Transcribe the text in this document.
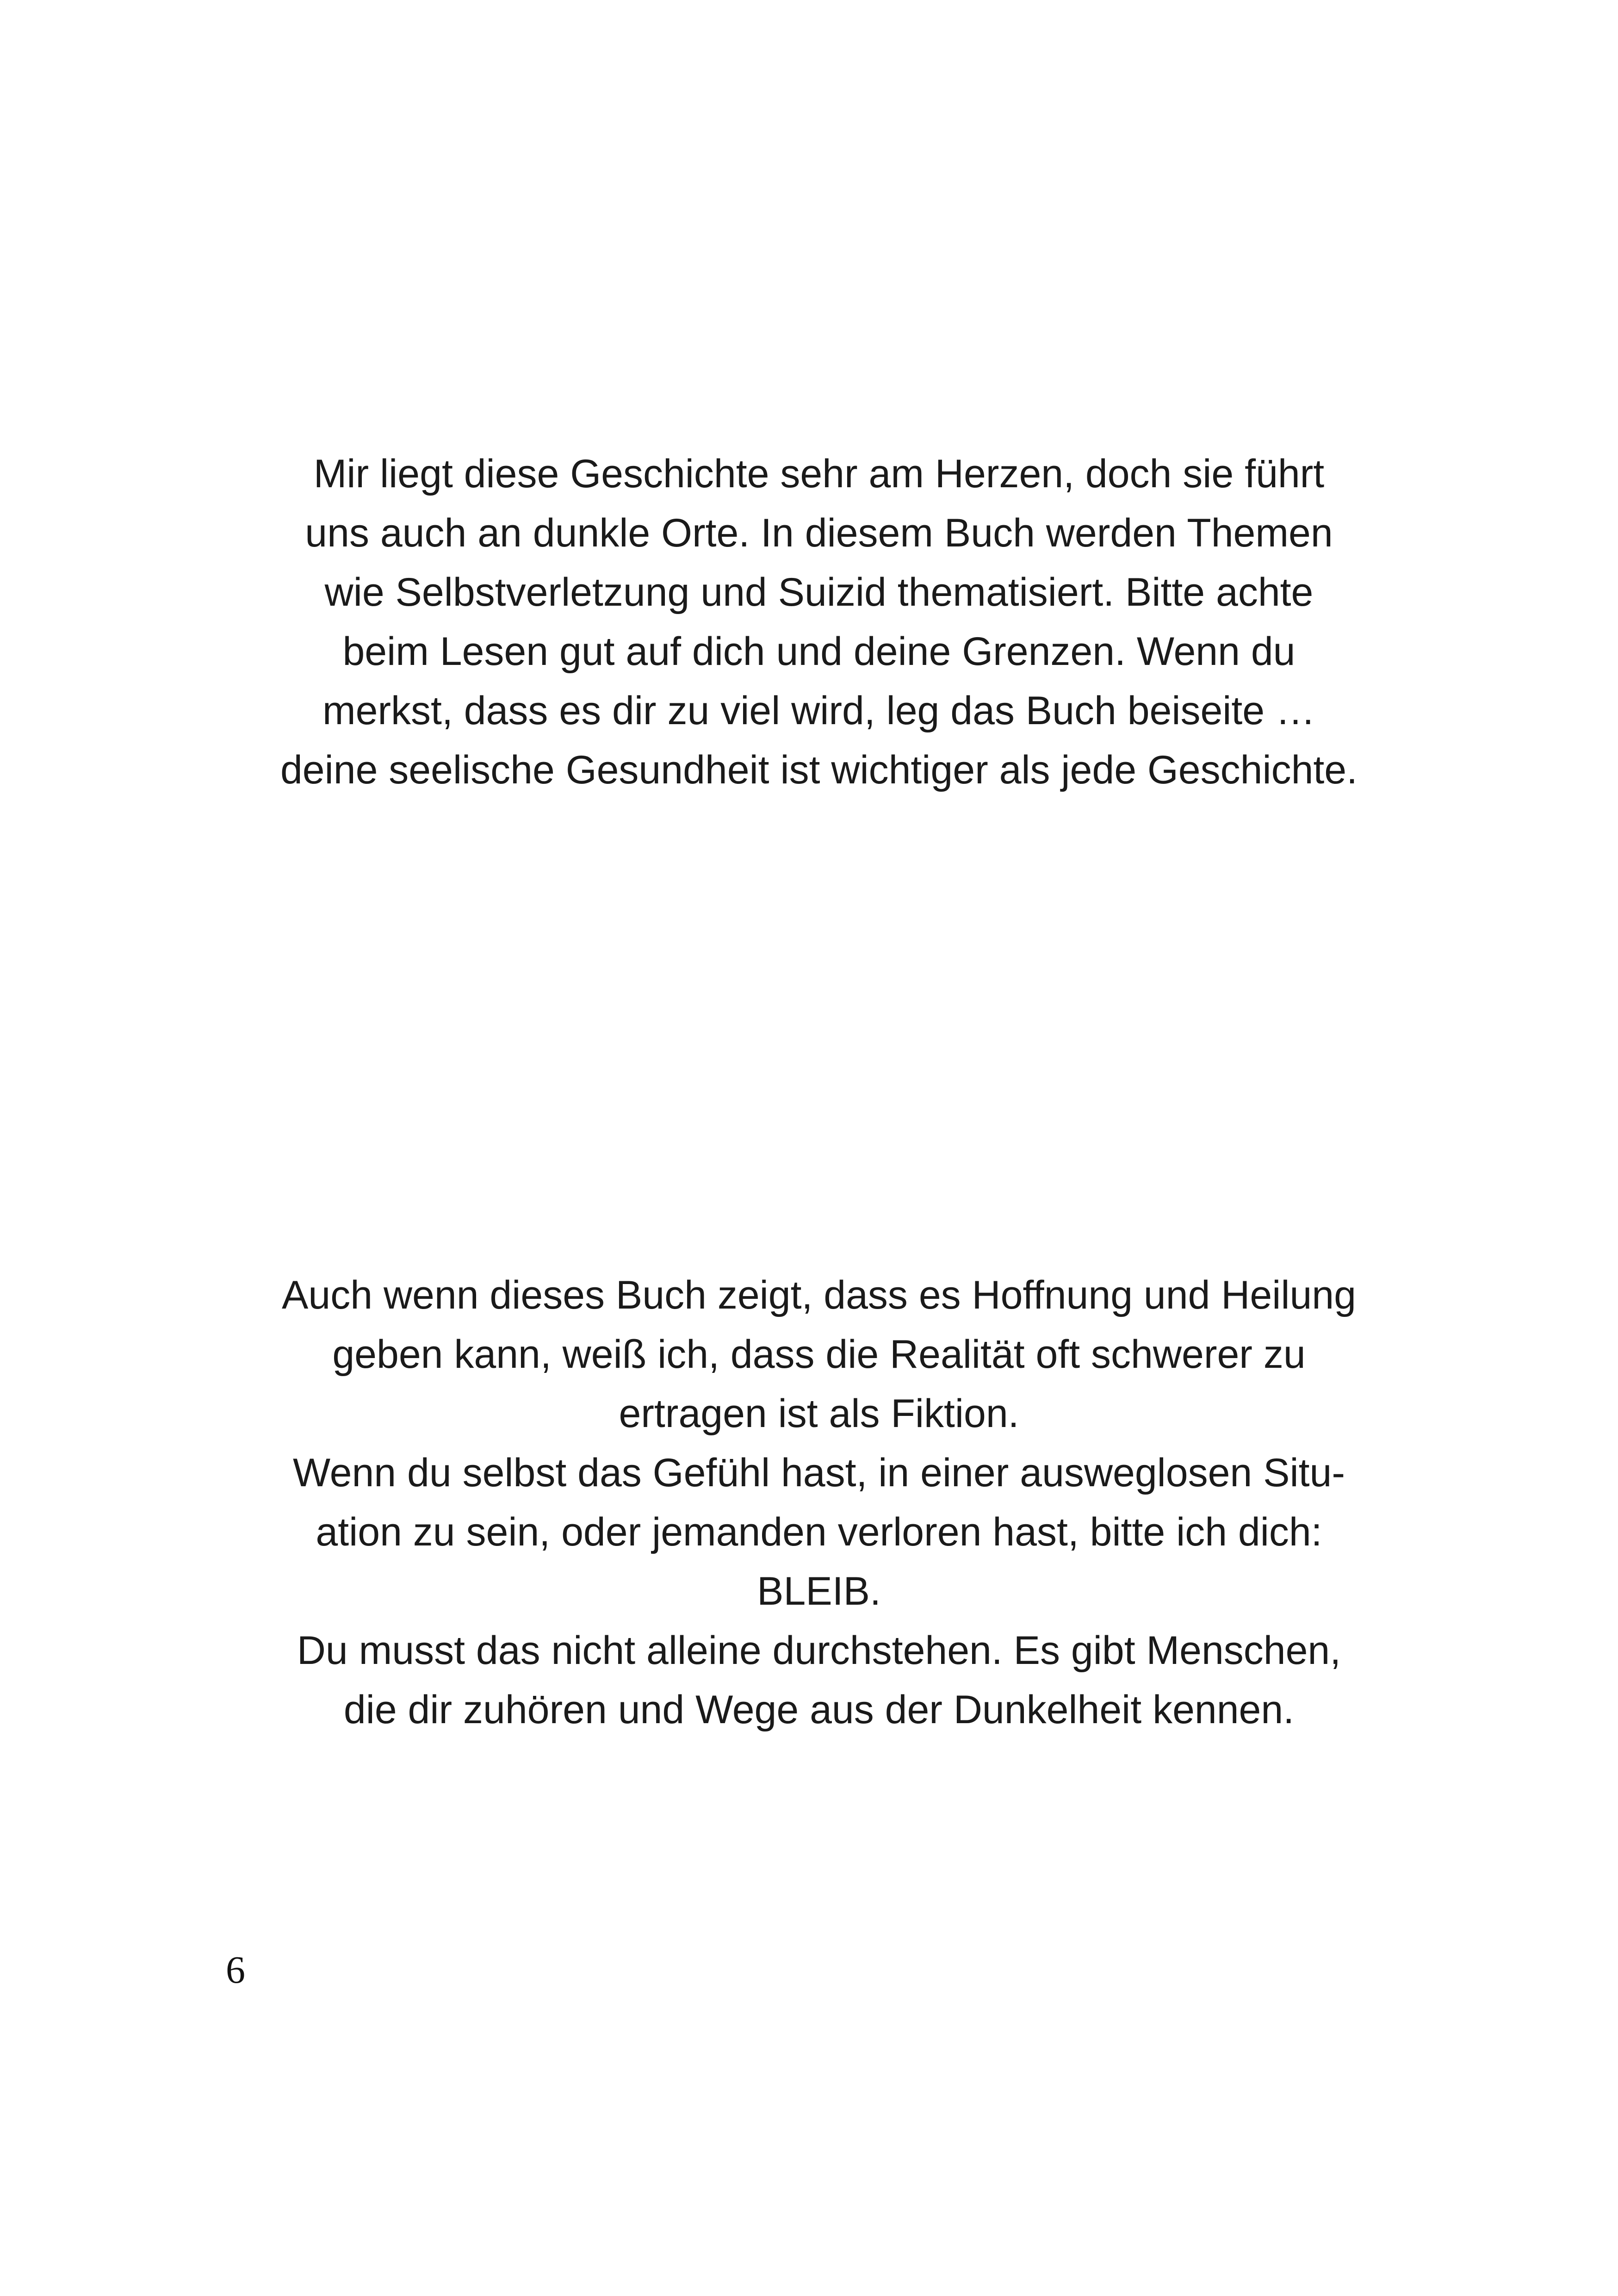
Mir liegt diese Geschichte sehr am Herzen, doch sie führt
uns auch an dunkle Orte. In diesem Buch werden Themen
wie Selbstverletzung und Suizid thematisiert. Bitte achte
beim Lesen gut auf dich und deine Grenzen. Wenn du
merkst, dass es dir zu viel wird, leg das Buch beiseite …
deine seelische Gesundheit ist wichtiger als jede Geschichte.
Auch wenn dieses Buch zeigt, dass es Hoffnung und Heilung
geben kann, weiß ich, dass die Realität oft schwerer zu
ertragen ist als Fiktion.
Wenn du selbst das Gefühl hast, in einer ausweglosen Situ-
ation zu sein, oder jemanden verloren hast, bitte ich dich:
BLEIB.
Du musst das nicht alleine durchstehen. Es gibt Menschen,
die dir zuhören und Wege aus der Dunkelheit kennen.
6
